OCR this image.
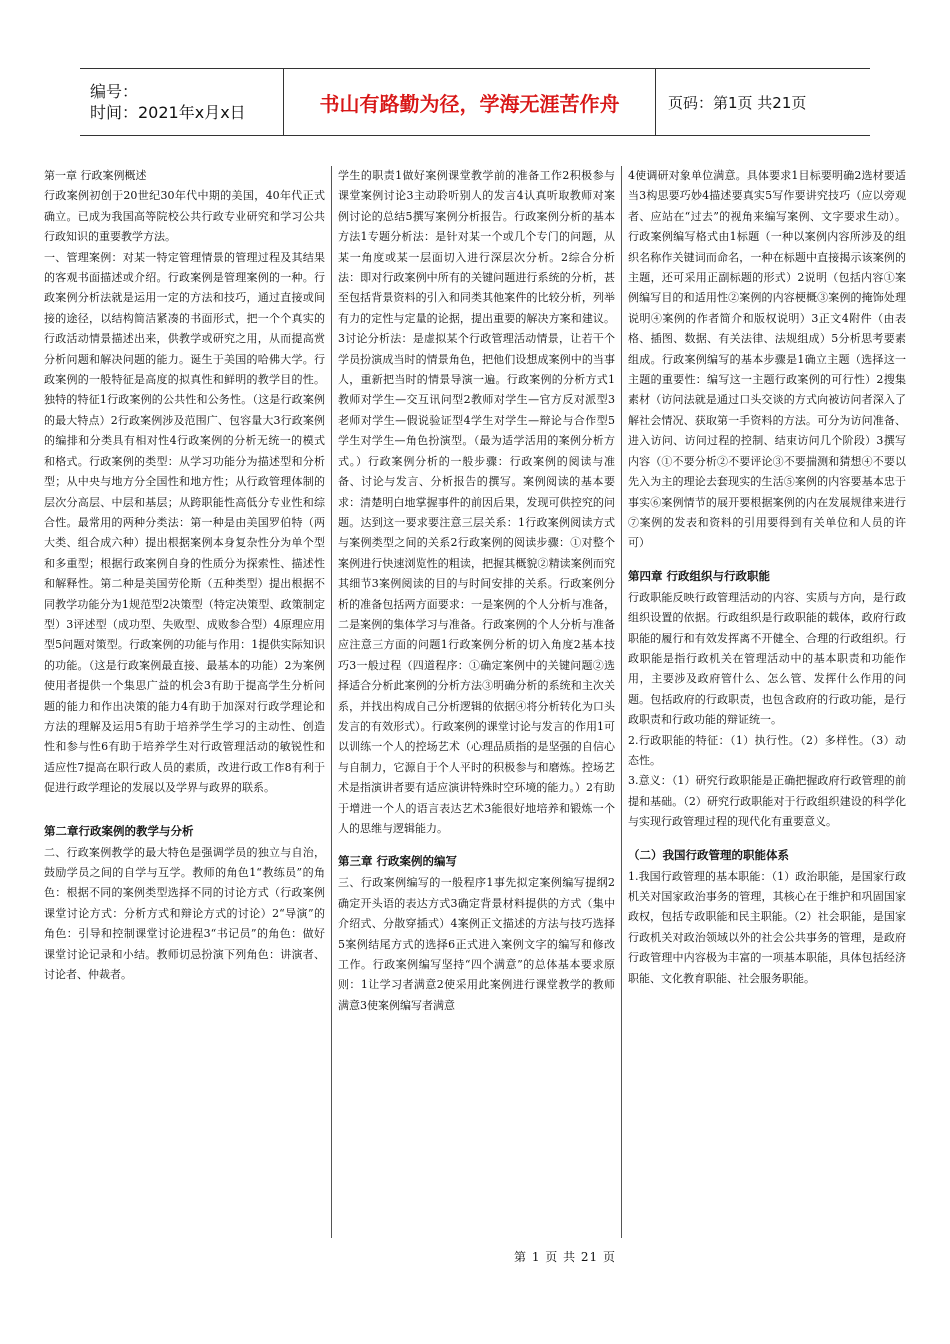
编号：
时间：2021年x月x日	书山有路勤为径，学海无涯苦作舟	页码：第1页 共21页

第一章 行政案例概述

行政案例初创于20世纪30年代中期的美国，40年代正式确立。已成为我国高等院校公共行政专业研究和学习公共行政知识的重要教学方法。

一、管理案例：对某一特定管理情景的管理过程及其结果的客观书面描述或介绍。行政案例是管理案例的一种。行政案例分析法就是运用一定的方法和技巧，通过直接或间接的途径，以结构简洁紧凑的书面形式，把一个个真实的行政活动情景描述出来，供教学或研究之用，从而提高赏分析问题和解决问题的能力。诞生于美国的哈佛大学。行政案例的一般特征是高度的拟真性和鲜明的教学目的性。独特的特征1行政案例的公共性和公务性。（这是行政案例的最大特点）2行政案例涉及范围广、包容量大3行政案例的编排和分类具有相对性4行政案例的分析无统一的模式和格式。行政案例的类型：从学习功能分为描述型和分析型；从中央与地方分全国性和地方性；从行政管理体制的层次分高层、中层和基层；从跨职能性高低分专业性和综合性。最常用的两种分类法：第一种是由美国罗伯特（两大类、组合成六种）提出根据案例本身复杂性分为单个型和多重型；根据行政案例自身的性质分为探索性、描述性和解释性。第二种是美国劳伦斯（五种类型）提出根据不同教学功能分为1规范型2决策型（特定决策型、政策制定型）3评述型（成功型、失败型、成败参合型）4原理应用型5问题对策型。行政案例的功能与作用：1提供实际知识的功能。（这是行政案例最直接、最基本的功能）2为案例使用者提供一个集思广益的机会3有助于提高学生分析问题的能力和作出决策的能力4有助于加深对行政学理论和方法的理解及运用5有助于培养学生学习的主动性、创造性和参与性6有助于培养学生对行政管理活动的敏锐性和适应性7提高在职行政人员的素质，改进行政工作8有利于促进行政学理论的发展以及学界与政界的联系。

第二章行政案例的教学与分析

二、行政案例教学的最大特色是强调学员的独立与自治，鼓励学员之间的自学与互学。教师的角色1“教练员”的角色：根据不同的案例类型选择不同的讨论方式（行政案例课堂讨论方式：分析方式和辩论方式的讨论）2“导演”的角色：引导和控制课堂讨论进程3“书记员”的角色：做好课堂讨论记录和小结。教师切忌扮演下列角色：讲演者、讨论者、仲裁者。

学生的职责1做好案例课堂教学前的准备工作2积极参与课堂案例讨论3主动聆听别人的发言4认真听取教师对案例讨论的总结5撰写案例分析报告。行政案例分析的基本方法1专题分析法：是针对某一个或几个专门的问题，从某一角度或某一层面切入进行深层次分析。2综合分析法：即对行政案例中所有的关键问题进行系统的分析，甚至包括背景资料的引入和同类其他案件的比较分析，列举有力的定性与定量的论据，提出重要的解决方案和建议。3讨论分析法：是虚拟某个行政管理活动情景，让若干个学员扮演成当时的情景角色，把他们设想成案例中的当事人，重新把当时的情景导演一遍。行政案例的分析方式1教师对学生—交互讯问型2教师对学生—官方反对派型3老师对学生—假说验证型4学生对学生—辩论与合作型5学生对学生—角色扮演型。（最为适学活用的案例分析方式。）行政案例分析的一般步骤：行政案例的阅读与准备、讨论与发言、分析报告的撰写。案例阅读的基本要求：清楚明白地掌握事件的前因后果，发现可供控究的问题。达到这一要求要注意三层关系：1行政案例阅读方式与案例类型之间的关系2行政案例的阅读步骤：①对整个案例进行快速浏览性的粗读，把握其概貌②精读案例而究其细节3案例阅读的目的与时间安排的关系。行政案例分析的准备包括两方面要求：一是案例的个人分析与准备，二是案例的集体学习与准备。行政案例的个人分析与准备应注意三方面的问题1行政案例分析的切入角度2基本技巧3一般过程（四道程序：①确定案例中的关键问题②选择适合分析此案例的分析方法③明确分析的系统和主次关系，并找出构成自己分析逻辑的依据④将分析转化为口头发言的有效形式）。行政案例的课堂讨论与发言的作用1可以训练一个人的控场艺术（心理品质指的是坚强的自信心与自制力，它源自于个人平时的积极参与和磨炼。控场艺术是指演讲者要有适应演讲特殊时空环境的能力。）2有助于增进一个人的语言表达艺术3能很好地培养和锻炼一个人的思维与逻辑能力。

第三章 行政案例的编写

三、行政案例编写的一般程序1事先拟定案例编写提纲2确定开头语的表达方式3确定背景材料提供的方式（集中介绍式、分散穿插式）4案例正文描述的方法与技巧选择5案例结尾方式的选择6正式进入案例文字的编写和修改工作。行政案例编写坚持“四个满意”的总体基本要求原则：1让学习者满意2使采用此案例进行课堂教学的教师满意3使案例编写者满意

4使调研对象单位满意。具体要求1目标要明确2选材要适当3构思要巧妙4描述要真实5写作要讲究技巧（应以旁观者、应站在“过去”的视角来编写案例、文字要求生动）。行政案例编写格式由1标题（一种以案例内容所涉及的组织名称作关键词而命名，一种在标题中直接揭示该案例的主题，还可采用正副标题的形式）2说明（包括内容①案例编写目的和适用性②案例的内容梗概③案例的掩饰处理说明④案例的作者简介和版权说明）3正文4附件（由表格、插图、数据、有关法律、法规组成）5分析思考要素组成。行政案例编写的基本步骤是1确立主题（选择这一主题的重要性：编写这一主题行政案例的可行性）2搜集素材（访问法就是通过口头交谈的方式向被访问者深入了解社会情况、获取第一手资料的方法。可分为访问准备、进入访问、访问过程的控制、结束访问几个阶段）3撰写内容（①不要分析②不要评论③不要揣测和猜想④不要以先入为主的理论去套现实的生活⑤案例的内容要基本忠于事实⑥案例情节的展开要根据案例的内在发展规律来进行⑦案例的发表和资料的引用要得到有关单位和人员的许可）

第四章 行政组织与行政职能

行政职能反映行政管理活动的内容、实质与方向，是行政组织设置的依据。行政组织是行政职能的载体，政府行政职能的履行和有效发挥离不开健全、合理的行政组织。行政职能是指行政机关在管理活动中的基本职责和功能作用，主要涉及政府管什么、怎么管、发挥什么作用的问题。包括政府的行政职责，也包含政府的行政功能，是行政职责和行政功能的辩证统一。

2.行政职能的特征：（1）执行性。（2）多样性。（3）动态性。

3.意义：（1）研究行政职能是正确把握政府行政管理的前提和基础。（2）研究行政职能对于行政组织建设的科学化与实现行政管理过程的现代化有重要意义。

（二）我国行政管理的职能体系

1.我国行政管理的基本职能：（1）政治职能，是国家行政机关对国家政治事务的管理，其核心在于维护和巩固国家政权，包括专政职能和民主职能。（2）社会职能，是国家行政机关对政治领域以外的社会公共事务的管理，是政府行政管理中内容极为丰富的一项基本职能，具体包括经济职能、文化教育职能、社会服务职能。

第 1 页 共 21 页
